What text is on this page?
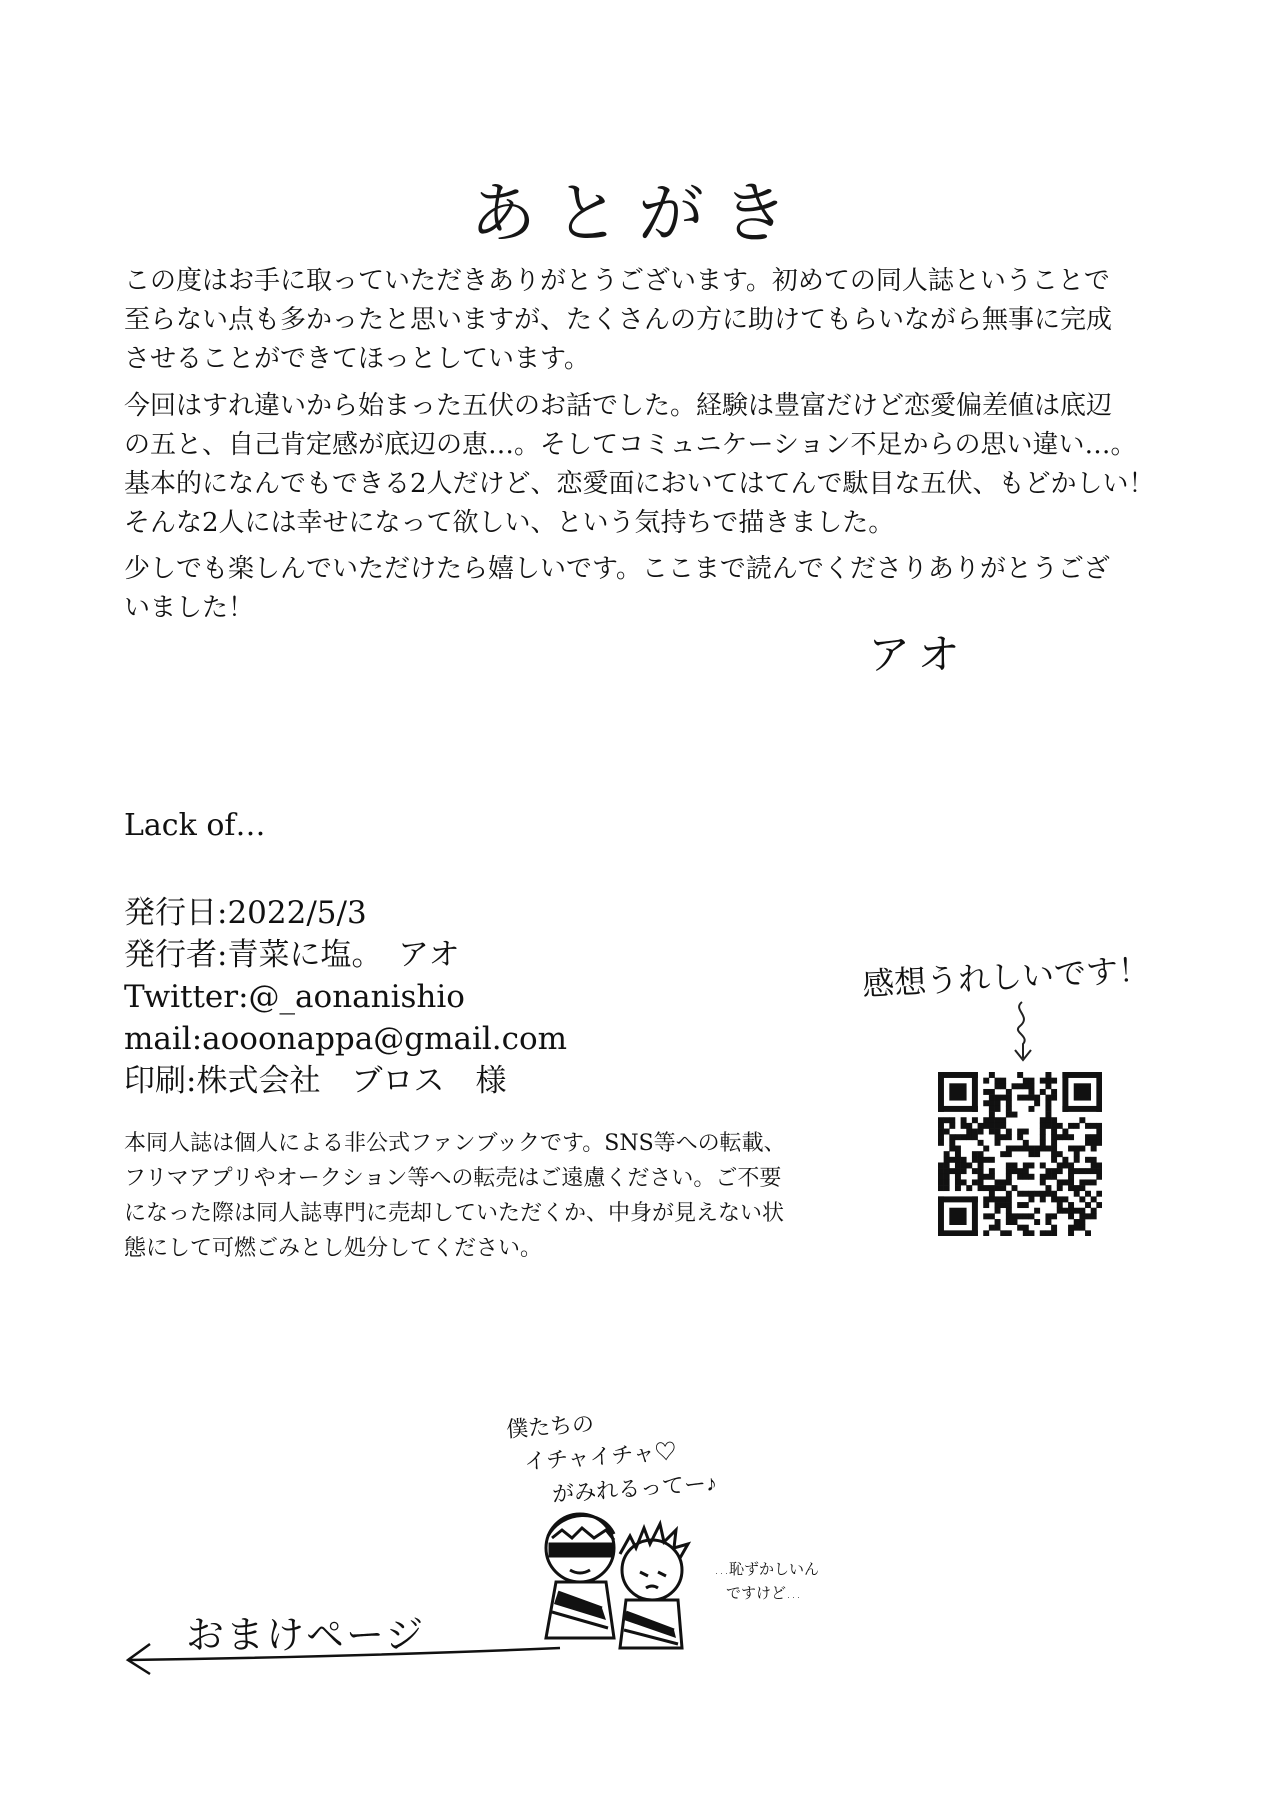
あとがき

この度はお手に取っていただきありがとうございます。初めての同人誌ということで
至らない点も多かったと思いますが、たくさんの方に助けてもらいながら無事に完成
させることができてほっとしています。

今回はすれ違いから始まった五伏のお話でした。経験は豊富だけど恋愛偏差値は底辺
の五と、自己肯定感が底辺の恵…。そしてコミュニケーション不足からの思い違い…。
基本的になんでもできる2人だけど、恋愛面においてはてんで駄目な五伏、もどかしい！
そんな2人には幸せになって欲しい、という気持ちで描きました。

少しでも楽しんでいただけたら嬉しいです。ここまで読んでくださりありがとうござ
いました！

アオ
Lack of…
発行日:2022/5/3
発行者:青菜に塩。　アオ
Twitter:@_aonanishio
mail:aooonappa@gmail.com
印刷:株式会社　ブロス　様

本同人誌は個人による非公式ファンブックです。SNS等への転載、
フリマアプリやオークション等への転売はご遠慮ください。ご不要
になった際は同人誌専門に売却していただくか、中身が見えない状
態にして可燃ごみとし処分してください。

感想うれしいです！
僕たちの
イチャイチャ♡
がみれるってー♪
…恥ずかしいん
ですけど…
おまけページ
